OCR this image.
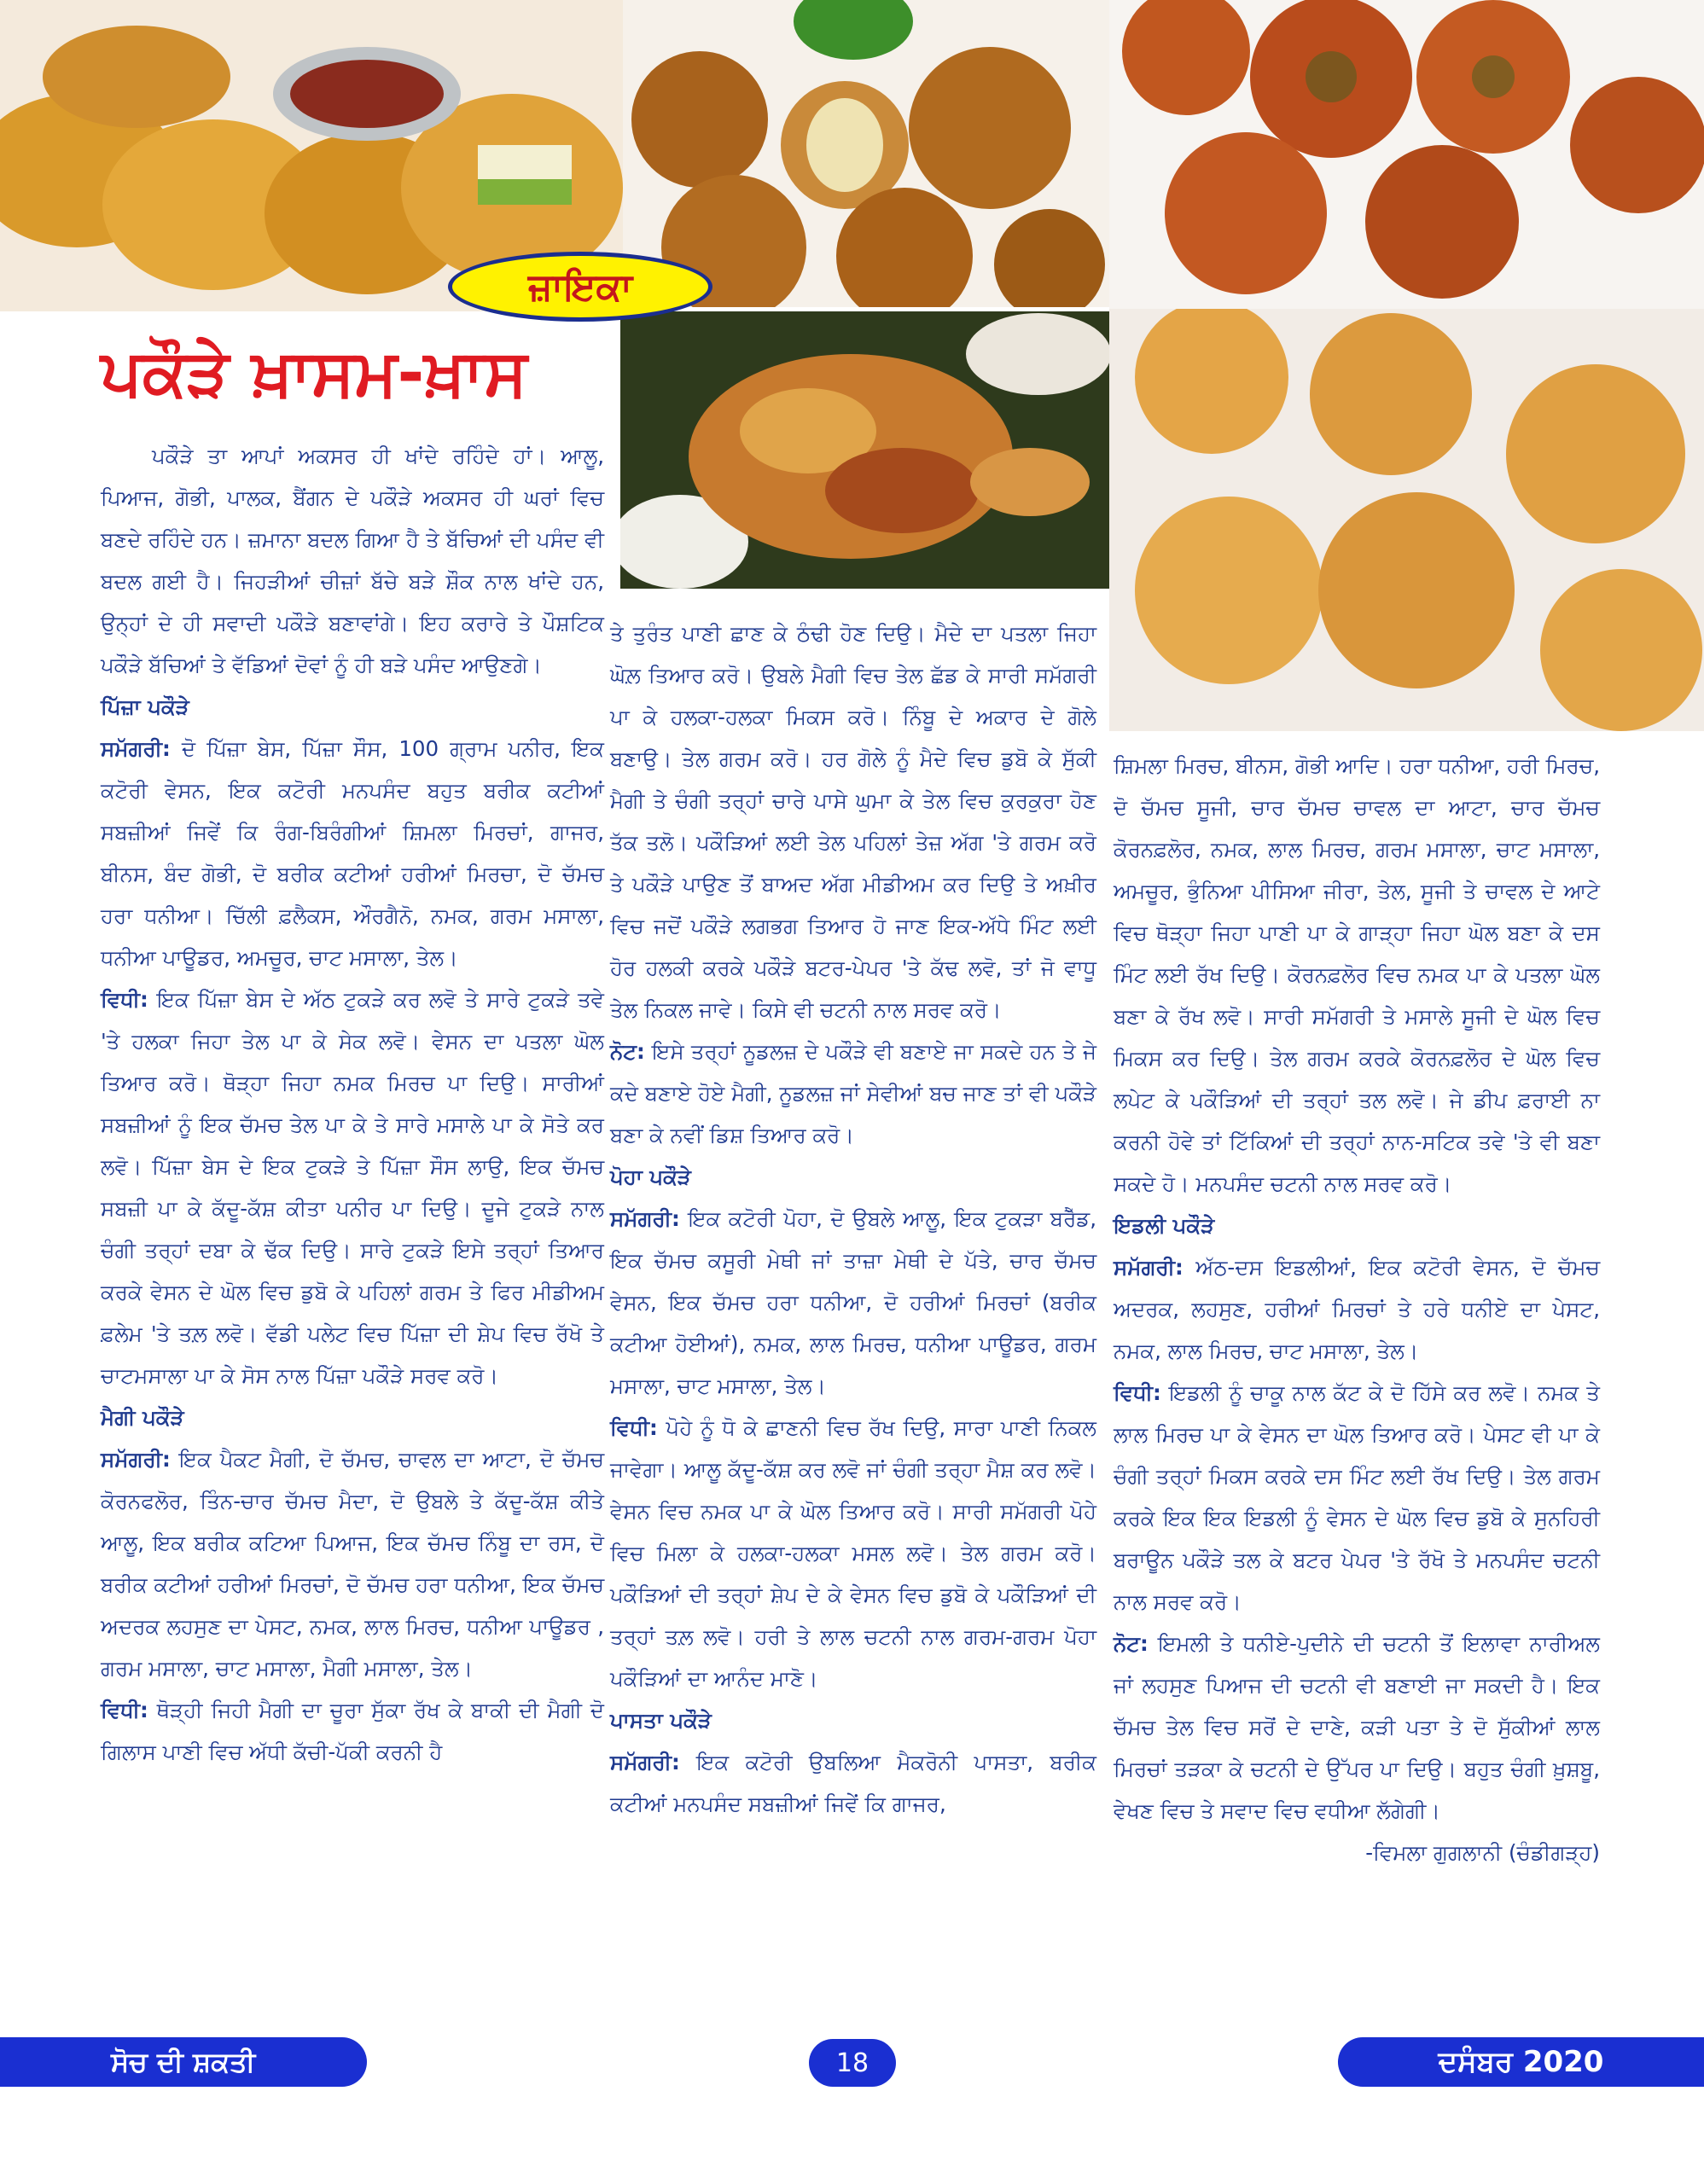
ਜ਼ਾਇਕਾ
ਪਕੌੜੇ ਖ਼ਾਸਮ-ਖ਼ਾਸ

ਪਕੌੜੇ ਤਾ ਆਪਾਂ ਅਕਸਰ ਹੀ ਖਾਂਦੇ ਰਹਿੰਦੇ ਹਾਂ। ਆਲੂ, ਪਿਆਜ, ਗੋਭੀ, ਪਾਲਕ, ਬੈਂਗਨ ਦੇ ਪਕੌੜੇ ਅਕਸਰ ਹੀ ਘਰਾਂ ਵਿਚ ਬਣਦੇ ਰਹਿੰਦੇ ਹਨ। ਜ਼ਮਾਨਾ ਬਦਲ ਗਿਆ ਹੈ ਤੇ ਬੱਚਿਆਂ ਦੀ ਪਸੰਦ ਵੀ ਬਦਲ ਗਈ ਹੈ। ਜਿਹੜੀਆਂ ਚੀਜ਼ਾਂ ਬੱਚੇ ਬੜੇ ਸ਼ੌਕ ਨਾਲ ਖਾਂਦੇ ਹਨ, ਉਨ੍ਹਾਂ ਦੇ ਹੀ ਸਵਾਦੀ ਪਕੌੜੇ ਬਣਾਵਾਂਗੇ। ਇਹ ਕਰਾਰੇ ਤੇ ਪੌਸ਼ਟਿਕ ਪਕੌੜੇ ਬੱਚਿਆਂ ਤੇ ਵੱਡਿਆਂ ਦੋਵਾਂ ਨੂੰ ਹੀ ਬੜੇ ਪਸੰਦ ਆਉਣਗੇ।

ਪਿੱਜ਼ਾ ਪਕੌੜੇ

ਸਮੱਗਰੀ: ਦੋ ਪਿੱਜ਼ਾ ਬੇਸ, ਪਿੱਜ਼ਾ ਸੌਸ, 100 ਗ੍ਰਾਮ ਪਨੀਰ, ਇਕ ਕਟੋਰੀ ਵੇਸਨ, ਇਕ ਕਟੋਰੀ ਮਨਪਸੰਦ ਬਹੁਤ ਬਰੀਕ ਕਟੀਆਂ ਸਬਜ਼ੀਆਂ ਜਿਵੇਂ ਕਿ ਰੰਗ-ਬਿਰੰਗੀਆਂ ਸ਼ਿਮਲਾ ਮਿਰਚਾਂ, ਗਾਜਰ, ਬੀਨਸ, ਬੰਦ ਗੋਭੀ, ਦੋ ਬਰੀਕ ਕਟੀਆਂ ਹਰੀਆਂ ਮਿਰਚਾ, ਦੋ ਚੱਮਚ ਹਰਾ ਧਨੀਆ। ਚਿੱਲੀ ਫ਼ਲੈਕਸ, ਔਰਗੈਨੋ, ਨਮਕ, ਗਰਮ ਮਸਾਲਾ, ਧਨੀਆ ਪਾਊਡਰ, ਅਮਚੂਰ, ਚਾਟ ਮਸਾਲਾ, ਤੇਲ।

ਵਿਧੀ: ਇਕ ਪਿੱਜ਼ਾ ਬੇਸ ਦੇ ਅੱਠ ਟੁਕੜੇ ਕਰ ਲਵੋ ਤੇ ਸਾਰੇ ਟੁਕੜੇ ਤਵੇ 'ਤੇ ਹਲਕਾ ਜਿਹਾ ਤੇਲ ਪਾ ਕੇ ਸੇਕ ਲਵੋ। ਵੇਸਨ ਦਾ ਪਤਲਾ ਘੋਲ ਤਿਆਰ ਕਰੋ। ਥੋੜ੍ਹਾ ਜਿਹਾ ਨਮਕ ਮਿਰਚ ਪਾ ਦਿਉ। ਸਾਰੀਆਂ ਸਬਜ਼ੀਆਂ ਨੂੰ ਇਕ ਚੱਮਚ ਤੇਲ ਪਾ ਕੇ ਤੇ ਸਾਰੇ ਮਸਾਲੇ ਪਾ ਕੇ ਸੋਤੇ ਕਰ ਲਵੋ। ਪਿੱਜ਼ਾ ਬੇਸ ਦੇ ਇਕ ਟੁਕੜੇ ਤੇ ਪਿੱਜ਼ਾ ਸੌਸ ਲਾਉ, ਇਕ ਚੱਮਚ ਸਬਜ਼ੀ ਪਾ ਕੇ ਕੱਦੂ-ਕੱਸ਼ ਕੀਤਾ ਪਨੀਰ ਪਾ ਦਿਉ। ਦੂਜੇ ਟੁਕੜੇ ਨਾਲ ਚੰਗੀ ਤਰ੍ਹਾਂ ਦਬਾ ਕੇ ਢੱਕ ਦਿਉ। ਸਾਰੇ ਟੁਕੜੇ ਇਸੇ ਤਰ੍ਹਾਂ ਤਿਆਰ ਕਰਕੇ ਵੇਸਨ ਦੇ ਘੋਲ ਵਿਚ ਡੁਬੋ ਕੇ ਪਹਿਲਾਂ ਗਰਮ ਤੇ ਫਿਰ ਮੀਡੀਅਮ ਫ਼ਲੇਮ 'ਤੇ ਤਲ਼ ਲਵੋ। ਵੱਡੀ ਪਲੇਟ ਵਿਚ ਪਿੱਜ਼ਾ ਦੀ ਸ਼ੇਪ ਵਿਚ ਰੱਖੋ ਤੇ ਚਾਟਮਸਾਲਾ ਪਾ ਕੇ ਸੋਸ ਨਾਲ ਪਿੱਜ਼ਾ ਪਕੌੜੇ ਸਰਵ ਕਰੋ।

ਮੈਗੀ ਪਕੌੜੇ

ਸਮੱਗਰੀ: ਇਕ ਪੈਕਟ ਮੈਗੀ, ਦੋ ਚੱਮਚ, ਚਾਵਲ ਦਾ ਆਟਾ, ਦੋ ਚੱਮਚ ਕੋਰਨਫਲੋਰ, ਤਿੰਨ-ਚਾਰ ਚੱਮਚ ਮੈਦਾ, ਦੋ ਉਬਲੇ ਤੇ ਕੱਦੂ-ਕੱਸ਼ ਕੀਤੇ ਆਲੂ, ਇਕ ਬਰੀਕ ਕਟਿਆ ਪਿਆਜ, ਇਕ ਚੱਮਚ ਨਿੰਬੂ ਦਾ ਰਸ, ਦੋ ਬਰੀਕ ਕਟੀਆਂ ਹਰੀਆਂ ਮਿਰਚਾਂ, ਦੋ ਚੱਮਚ ਹਰਾ ਧਨੀਆ, ਇਕ ਚੱਮਚ ਅਦਰਕ ਲਹਸੁਣ ਦਾ ਪੇਸਟ, ਨਮਕ, ਲਾਲ ਮਿਰਚ, ਧਨੀਆ ਪਾਊਡਰ , ਗਰਮ ਮਸਾਲਾ, ਚਾਟ ਮਸਾਲਾ, ਮੈਗੀ ਮਸਾਲਾ, ਤੇਲ।

ਵਿਧੀ: ਥੋੜ੍ਹੀ ਜਿਹੀ ਮੈਗੀ ਦਾ ਚੂਰਾ ਸੁੱਕਾ ਰੱਖ ਕੇ ਬਾਕੀ ਦੀ ਮੈਗੀ ਦੋ ਗਿਲਾਸ ਪਾਣੀ ਵਿਚ ਅੱਧੀ ਕੱਚੀ-ਪੱਕੀ ਕਰਨੀ ਹੈ

ਤੇ ਤੁਰੰਤ ਪਾਣੀ ਛਾਣ ਕੇ ਠੰਢੀ ਹੋਣ ਦਿਉ। ਮੈਦੇ ਦਾ ਪਤਲਾ ਜਿਹਾ ਘੋਲ਼ ਤਿਆਰ ਕਰੋ। ਉਬਲੇ ਮੈਗੀ ਵਿਚ ਤੇਲ ਛੱਡ ਕੇ ਸਾਰੀ ਸਮੱਗਰੀ ਪਾ ਕੇ ਹਲਕਾ-ਹਲਕਾ ਮਿਕਸ ਕਰੋ। ਨਿੰਬੂ ਦੇ ਅਕਾਰ ਦੇ ਗੋਲੇ ਬਣਾਉ। ਤੇਲ ਗਰਮ ਕਰੋ। ਹਰ ਗੋਲੇ ਨੂੰ ਮੈਦੇ ਵਿਚ ਡੁਬੋ ਕੇ ਸੁੱਕੀ ਮੈਗੀ ਤੇ ਚੰਗੀ ਤਰ੍ਹਾਂ ਚਾਰੇ ਪਾਸੇ ਘੁਮਾ ਕੇ ਤੇਲ ਵਿਚ ਕੁਰਕੁਰਾ ਹੋਣ ਤੱਕ ਤਲੋ। ਪਕੌੜਿਆਂ ਲਈ ਤੇਲ ਪਹਿਲਾਂ ਤੇਜ਼ ਅੱਗ 'ਤੇ ਗਰਮ ਕਰੋ ਤੇ ਪਕੌੜੇ ਪਾਉਣ ਤੋਂ ਬਾਅਦ ਅੱਗ ਮੀਡੀਅਮ ਕਰ ਦਿਉ ਤੇ ਅਖ਼ੀਰ ਵਿਚ ਜਦੋਂ ਪਕੌੜੇ ਲਗਭਗ ਤਿਆਰ ਹੋ ਜਾਣ ਇਕ-ਅੱਧੇ ਮਿੰਟ ਲਈ ਹੋਰ ਹਲਕੀ ਕਰਕੇ ਪਕੌੜੇ ਬਟਰ-ਪੇਪਰ 'ਤੇ ਕੱਢ ਲਵੋ, ਤਾਂ ਜੋ ਵਾਧੂ ਤੇਲ ਨਿਕਲ ਜਾਵੇ। ਕਿਸੇ ਵੀ ਚਟਨੀ ਨਾਲ ਸਰਵ ਕਰੋ।

ਨੋਟ: ਇਸੇ ਤਰ੍ਹਾਂ ਨੂਡਲਜ਼ ਦੇ ਪਕੌੜੇ ਵੀ ਬਣਾਏ ਜਾ ਸਕਦੇ ਹਨ ਤੇ ਜੇ ਕਦੇ ਬਣਾਏ ਹੋਏ ਮੈਗੀ, ਨੂਡਲਜ਼ ਜਾਂ ਸੇਵੀਆਂ ਬਚ ਜਾਣ ਤਾਂ ਵੀ ਪਕੌੜੇ ਬਣਾ ਕੇ ਨਵੀਂ ਡਿਸ਼ ਤਿਆਰ ਕਰੋ।

ਪੋਹਾ ਪਕੌੜੇ

ਸਮੱਗਰੀ: ਇਕ ਕਟੋਰੀ ਪੋਹਾ, ਦੋ ਉਬਲੇ ਆਲੂ, ਇਕ ਟੁਕੜਾ ਬਰੈੱਡ, ਇਕ ਚੱਮਚ ਕਸੂਰੀ ਮੇਥੀ ਜਾਂ ਤਾਜ਼ਾ ਮੇਥੀ ਦੇ ਪੱਤੇ, ਚਾਰ ਚੱਮਚ ਵੇਸਨ, ਇਕ ਚੱਮਚ ਹਰਾ ਧਨੀਆ, ਦੋ ਹਰੀਆਂ ਮਿਰਚਾਂ (ਬਰੀਕ ਕਟੀਆ ਹੋਈਆਂ), ਨਮਕ, ਲਾਲ ਮਿਰਚ, ਧਨੀਆ ਪਾਊਡਰ, ਗਰਮ ਮਸਾਲਾ, ਚਾਟ ਮਸਾਲਾ, ਤੇਲ।

ਵਿਧੀ: ਪੋਹੇ ਨੂੰ ਧੋ ਕੇ ਛਾਣਨੀ ਵਿਚ ਰੱਖ ਦਿਉ, ਸਾਰਾ ਪਾਣੀ ਨਿਕਲ ਜਾਵੇਗਾ। ਆਲੂ ਕੱਦੂ-ਕੱਸ਼ ਕਰ ਲਵੋ ਜਾਂ ਚੰਗੀ ਤਰ੍ਹਾ ਮੈਸ਼ ਕਰ ਲਵੋ। ਵੇਸਨ ਵਿਚ ਨਮਕ ਪਾ ਕੇ ਘੋਲ ਤਿਆਰ ਕਰੋ। ਸਾਰੀ ਸਮੱਗਰੀ ਪੋਹੇ ਵਿਚ ਮਿਲਾ ਕੇ ਹਲਕਾ-ਹਲਕਾ ਮਸਲ ਲਵੋ। ਤੇਲ ਗਰਮ ਕਰੋ। ਪਕੌੜਿਆਂ ਦੀ ਤਰ੍ਹਾਂ ਸ਼ੇਪ ਦੇ ਕੇ ਵੇਸਨ ਵਿਚ ਡੁਬੋ ਕੇ ਪਕੌੜਿਆਂ ਦੀ ਤਰ੍ਹਾਂ ਤਲ਼ ਲਵੋ। ਹਰੀ ਤੇ ਲਾਲ ਚਟਨੀ ਨਾਲ ਗਰਮ-ਗਰਮ ਪੋਹਾ ਪਕੌੜਿਆਂ ਦਾ ਆਨੰਦ ਮਾਣੋ।

ਪਾਸਤਾ ਪਕੌੜੇ

ਸਮੱਗਰੀ: ਇਕ ਕਟੋਰੀ ਉਬਲਿਆ ਮੈਕਰੋਨੀ ਪਾਸਤਾ, ਬਰੀਕ ਕਟੀਆਂ ਮਨਪਸੰਦ ਸਬਜ਼ੀਆਂ ਜਿਵੇਂ ਕਿ ਗਾਜਰ,

ਸ਼ਿਮਲਾ ਮਿਰਚ, ਬੀਨਸ, ਗੋਭੀ ਆਦਿ। ਹਰਾ ਧਨੀਆ, ਹਰੀ ਮਿਰਚ, ਦੋ ਚੱਮਚ ਸੂਜੀ, ਚਾਰ ਚੱਮਚ ਚਾਵਲ ਦਾ ਆਟਾ, ਚਾਰ ਚੱਮਚ ਕੋਰਨਫ਼ਲੋਰ, ਨਮਕ, ਲਾਲ ਮਿਰਚ, ਗਰਮ ਮਸਾਲਾ, ਚਾਟ ਮਸਾਲਾ, ਅਮਚੂਰ, ਭੁੰਨਿਆ ਪੀਸਿਆ ਜੀਰਾ, ਤੇਲ, ਸੂਜੀ ਤੇ ਚਾਵਲ ਦੇ ਆਟੇ ਵਿਚ ਥੋੜ੍ਹਾ ਜਿਹਾ ਪਾਣੀ ਪਾ ਕੇ ਗਾੜ੍ਹਾ ਜਿਹਾ ਘੋਲ ਬਣਾ ਕੇ ਦਸ ਮਿੰਟ ਲਈ ਰੱਖ ਦਿਉ। ਕੋਰਨਫ਼ਲੋਰ ਵਿਚ ਨਮਕ ਪਾ ਕੇ ਪਤਲਾ ਘੋਲ ਬਣਾ ਕੇ ਰੱਖ ਲਵੋ। ਸਾਰੀ ਸਮੱਗਰੀ ਤੇ ਮਸਾਲੇ ਸੂਜੀ ਦੇ ਘੋਲ ਵਿਚ ਮਿਕਸ ਕਰ ਦਿਉ। ਤੇਲ ਗਰਮ ਕਰਕੇ ਕੋਰਨਫ਼ਲੋਰ ਦੇ ਘੋਲ ਵਿਚ ਲਪੇਟ ਕੇ ਪਕੌੜਿਆਂ ਦੀ ਤਰ੍ਹਾਂ ਤਲ ਲਵੋ। ਜੇ ਡੀਪ ਫ਼ਰਾਈ ਨਾ ਕਰਨੀ ਹੋਵੇ ਤਾਂ ਟਿੱਕਿਆਂ ਦੀ ਤਰ੍ਹਾਂ ਨਾਨ-ਸਟਿਕ ਤਵੇ 'ਤੇ ਵੀ ਬਣਾ ਸਕਦੇ ਹੋ। ਮਨਪਸੰਦ ਚਟਨੀ ਨਾਲ ਸਰਵ ਕਰੋ।

ਇਡਲੀ ਪਕੌੜੇ

ਸਮੱਗਰੀ: ਅੱਠ-ਦਸ ਇਡਲੀਆਂ, ਇਕ ਕਟੋਰੀ ਵੇਸਨ, ਦੋ ਚੱਮਚ ਅਦਰਕ, ਲਹਸੁਣ, ਹਰੀਆਂ ਮਿਰਚਾਂ ਤੇ ਹਰੇ ਧਨੀਏ ਦਾ ਪੇਸਟ, ਨਮਕ, ਲਾਲ ਮਿਰਚ, ਚਾਟ ਮਸਾਲਾ, ਤੇਲ।

ਵਿਧੀ: ਇਡਲੀ ਨੂੰ ਚਾਕੂ ਨਾਲ ਕੱਟ ਕੇ ਦੋ ਹਿੱਸੇ ਕਰ ਲਵੋ। ਨਮਕ ਤੇ ਲਾਲ ਮਿਰਚ ਪਾ ਕੇ ਵੇਸਨ ਦਾ ਘੋਲ ਤਿਆਰ ਕਰੋ। ਪੇਸਟ ਵੀ ਪਾ ਕੇ ਚੰਗੀ ਤਰ੍ਹਾਂ ਮਿਕਸ ਕਰਕੇ ਦਸ ਮਿੰਟ ਲਈ ਰੱਖ ਦਿਉ। ਤੇਲ ਗਰਮ ਕਰਕੇ ਇਕ ਇਕ ਇਡਲੀ ਨੂੰ ਵੇਸਨ ਦੇ ਘੋਲ ਵਿਚ ਡੁਬੋ ਕੇ ਸੁਨਹਿਰੀ ਬਰਾਊਨ ਪਕੌੜੇ ਤਲ ਕੇ ਬਟਰ ਪੇਪਰ 'ਤੇ ਰੱਖੋ ਤੇ ਮਨਪਸੰਦ ਚਟਨੀ ਨਾਲ ਸਰਵ ਕਰੋ।

ਨੋਟ: ਇਮਲੀ ਤੇ ਧਨੀਏ-ਪੁਦੀਨੇ ਦੀ ਚਟਨੀ ਤੋਂ ਇਲਾਵਾ ਨਾਰੀਅਲ ਜਾਂ ਲਹਸੁਣ ਪਿਆਜ ਦੀ ਚਟਨੀ ਵੀ ਬਣਾਈ ਜਾ ਸਕਦੀ ਹੈ। ਇਕ ਚੱਮਚ ਤੇਲ ਵਿਚ ਸਰੋਂ ਦੇ ਦਾਣੇ, ਕੜੀ ਪਤਾ ਤੇ ਦੋ ਸੁੱਕੀਆਂ ਲਾਲ ਮਿਰਚਾਂ ਤੜਕਾ ਕੇ ਚਟਨੀ ਦੇ ਉੱਪਰ ਪਾ ਦਿਉ। ਬਹੁਤ ਚੰਗੀ ਖ਼ੁਸ਼ਬੂ, ਵੇਖਣ ਵਿਚ ਤੇ ਸਵਾਦ ਵਿਚ ਵਧੀਆ ਲੱਗੇਗੀ।

-ਵਿਮਲਾ ਗੁਗਲਾਨੀ (ਚੰਡੀਗੜ੍ਹ)

ਸੋਚ ਦੀ ਸ਼ਕਤੀ	18	ਦਸੰਬਰ 2020
